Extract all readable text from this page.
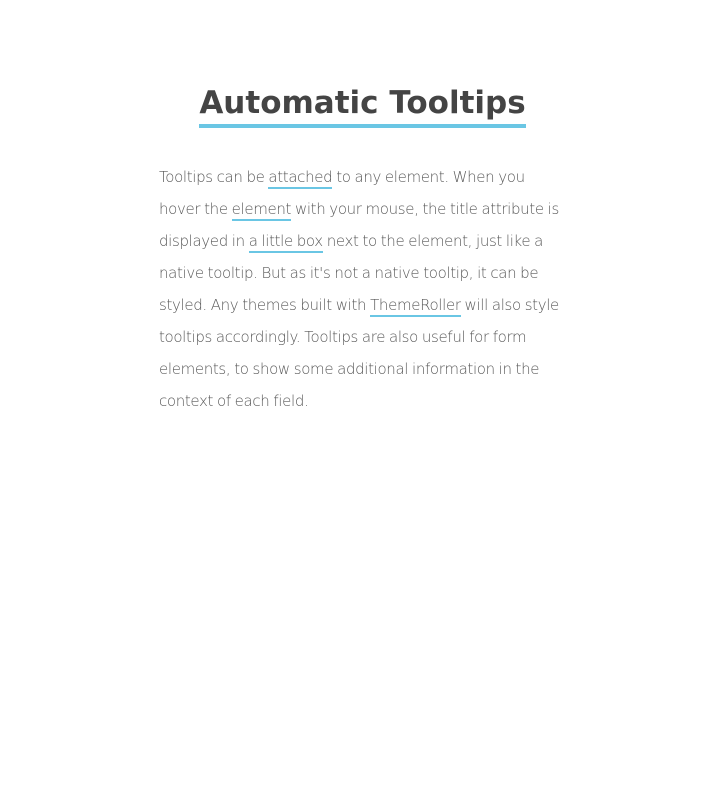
Automatic Tooltips

Tooltips can be attached to any element. When you hover the element with your mouse, the title attribute is displayed in a little box next to the element, just like a native tooltip. But as it's not a native tooltip, it can be styled. Any themes built with ThemeRoller will also style tooltips accordingly. Tooltips are also useful for form elements, to show some additional information in the context of each field.
